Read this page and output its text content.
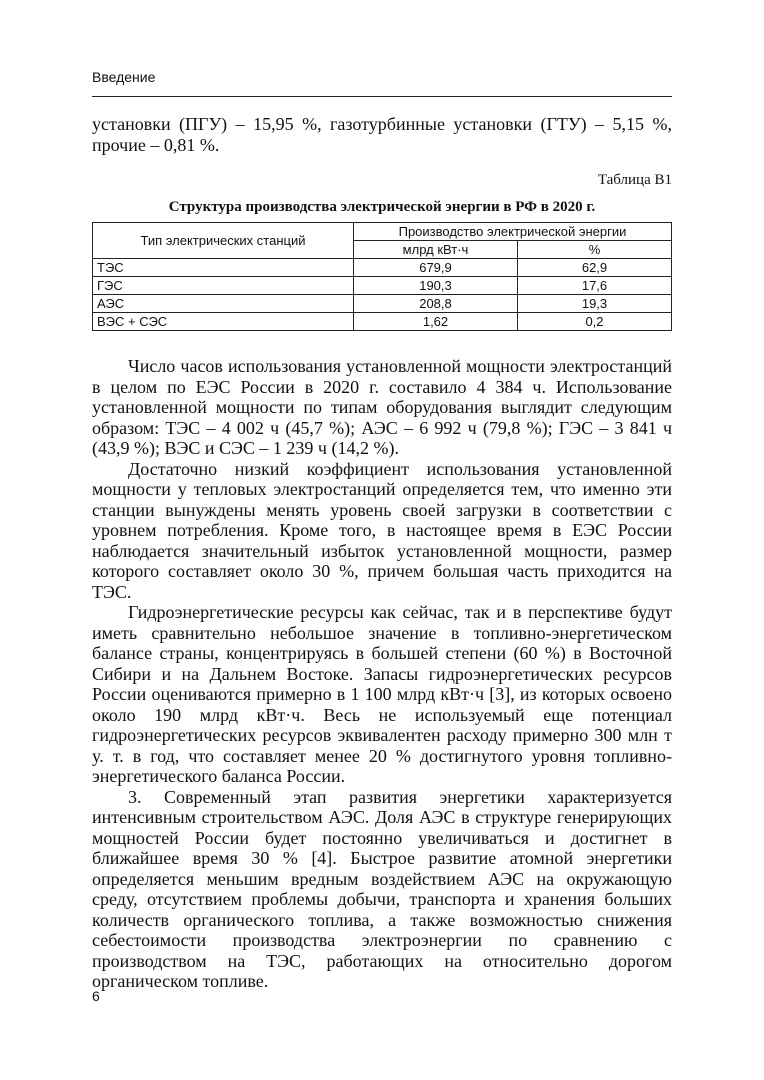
Введение
установки (ПГУ) – 15,95 %, газотурбинные установки (ГТУ) – 5,15 %, прочие – 0,81 %.
Таблица В1
Структура производства электрической энергии в РФ в 2020 г.
Тип электрических станций	Производство электрической энергии	
	млрд кВт·ч	%
ТЭС	679,9	62,9
ГЭС	190,3	17,6
АЭС	208,8	19,3
ВЭС + СЭС	1,62	0,2

Число часов использования установленной мощности электростанций в целом по ЕЭС России в 2020 г. составило 4 384 ч. Использование установленной мощности по типам оборудования выглядит следующим образом: ТЭС – 4 002 ч (45,7 %); АЭС – 6 992 ч (79,8 %); ГЭС – 3 841 ч (43,9 %); ВЭС и СЭС – 1 239 ч (14,2 %).

Достаточно низкий коэффициент использования установленной мощности у тепловых электростанций определяется тем, что именно эти станции вынуждены менять уровень своей загрузки в соответствии с уровнем потребления. Кроме того, в настоящее время в ЕЭС России наблюдается значительный избыток установленной мощности, размер которого составляет около 30 %, причем большая часть приходится на ТЭС.

Гидроэнергетические ресурсы как сейчас, так и в перспективе будут иметь сравнительно небольшое значение в топливно-энергетическом балансе страны, концентрируясь в большей степени (60 %) в Восточной Сибири и на Дальнем Востоке. Запасы гидроэнергетических ресурсов России оцениваются примерно в 1 100 млрд кВт·ч [3], из которых освоено около 190 млрд кВт·ч. Весь не используемый еще потенциал гидроэнергетических ресурсов эквивалентен расходу примерно 300 млн т у. т. в год, что составляет менее 20 % достигнутого уровня топливно-энергетического баланса России.

3. Современный этап развития энергетики характеризуется интенсивным строительством АЭС. Доля АЭС в структуре генерирующих мощностей России будет постоянно увеличиваться и достигнет в ближайшее время 30 % [4]. Быстрое развитие атомной энергетики определяется меньшим вредным воздействием АЭС на окружающую среду, отсутствием проблемы добычи, транспорта и хранения больших количеств органического топлива, а также возможностью снижения себестоимости производства электроэнергии по сравнению с производством на ТЭС, работающих на относительно дорогом органическом топливе.

6
